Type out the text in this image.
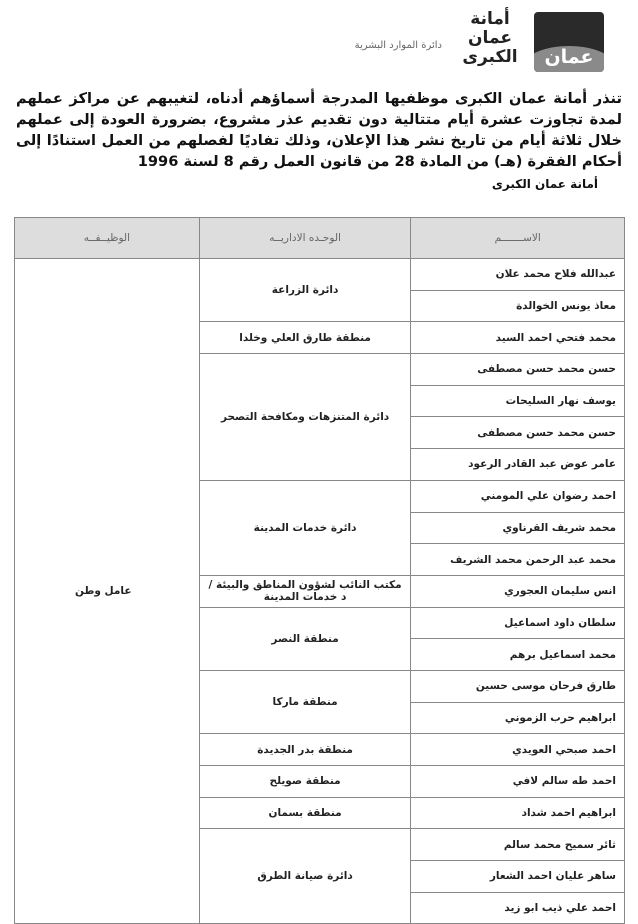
عمان
أمانة
عمان
الكبرى
دائرة الموارد البشرية
تنذر أمانة عمان الكبرى موظفيها المدرجة أسماؤهم أدناه، لتغيبهم عن مراكز عملهم لمدة تجاوزت عشرة أيام متتالية دون تقديم عذر مشروع، بضرورة العودة إلى عملهم خلال ثلاثة أيام من تاريخ نشر هذا الإعلان، وذلك تفاديًا لفصلهم من العمل استنادًا إلى أحكام الفقرة (هـ) من المادة 28 من قانون العمل رقم 8 لسنة 1996
أمانة عمان الكبرى
الاســـــــم	الوحـده الاداريــه	الوظيــفــه
عبدالله فلاح محمد علان	دائرة الزراعة	عامل وطن
معاذ يونس الخوالدة		
محمد فتحي احمد السيد	منطقة طارق العلي وخلدا	
حسن محمد حسن مصطفى	دائرة المتنزهات ومكافحة التصحر	
يوسف نهار السليحات		
حسن محمد حسن مصطفى		
عامر عوض عبد القادر الرعود		
احمد رضوان علي المومني	دائرة خدمات المدينة	
محمد شريف القرناوي		
محمد عبد الرحمن محمد الشريف		
انس سليمان العجوري	مكتب النائب لشؤون المناطق والبيئة /د خدمات المدينة	
سلطان داود اسماعيل	منطقة النصر	
محمد اسماعيل برهم		
طارق فرحان موسى حسين	منطقة ماركا	
ابراهيم حرب الزموني		
احمد صبحي العويدي	منطقة بدر الجديدة	
احمد طه سالم لافي	منطقة صويلح	
ابراهيم احمد شداد	منطقة بسمان	
ثائر سميح محمد سالم	دائرة صيانة الطرق	
ساهر عليان احمد الشعار		
احمد علي ذيب ابو زيد		
